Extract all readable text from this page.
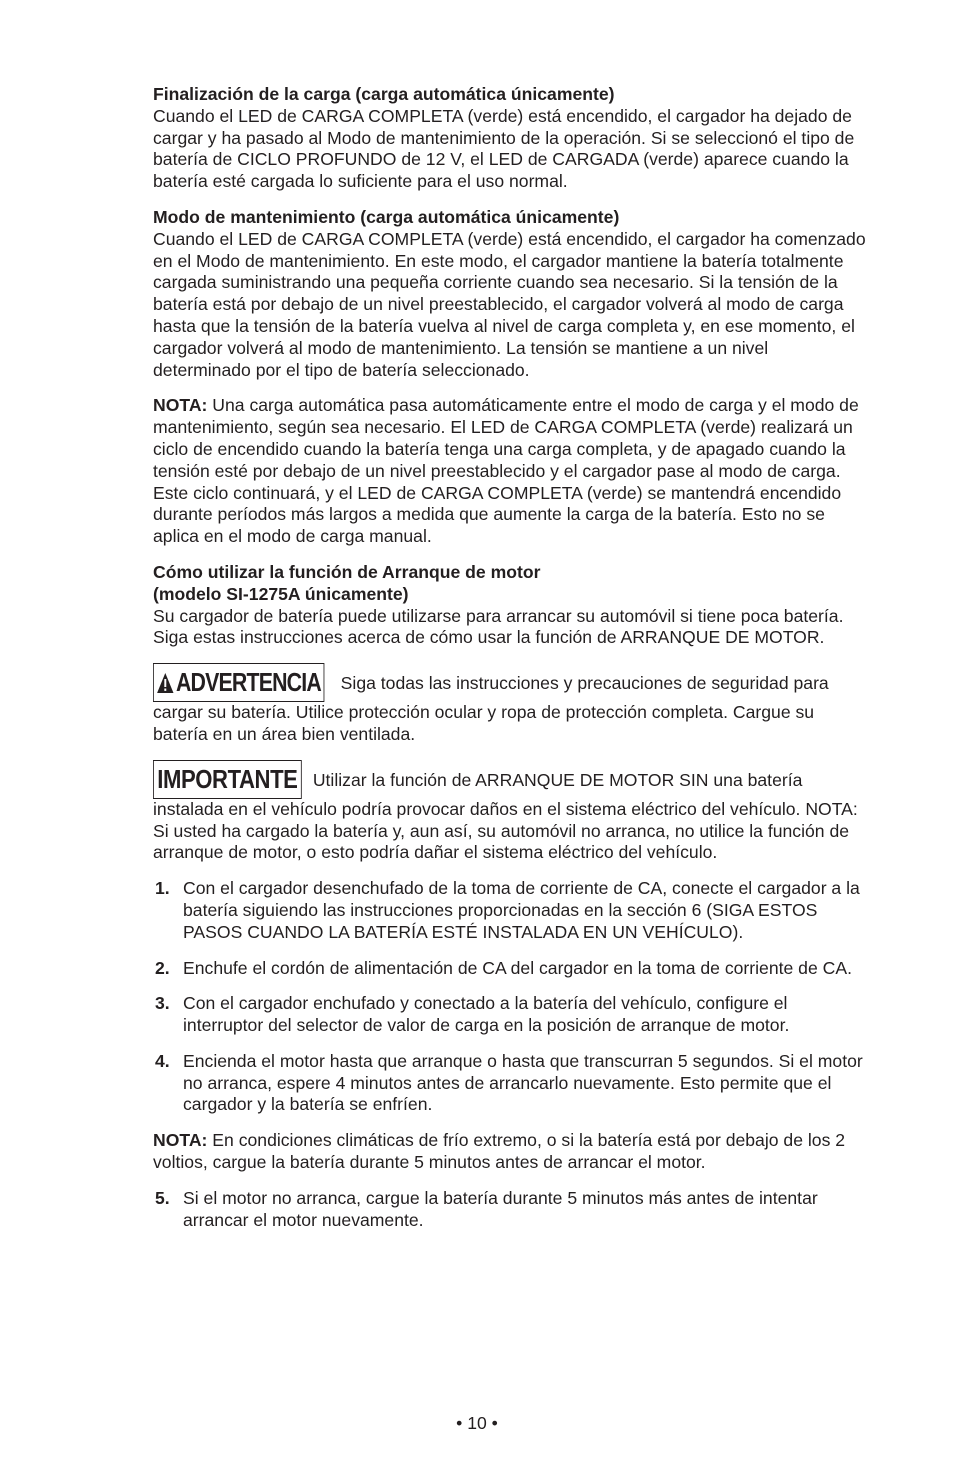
Finalización de la carga (carga automática únicamente)

Cuando el LED de CARGA COMPLETA (verde) está encendido, el cargador ha dejado de cargar y ha pasado al Modo de mantenimiento de la operación. Si se seleccionó el tipo de batería de CICLO PROFUNDO de 12 V, el LED de CARGADA (verde) aparece cuando la batería esté cargada lo suficiente para el uso normal.

Modo de mantenimiento (carga automática únicamente)

Cuando el LED de CARGA COMPLETA (verde) está encendido, el cargador ha comenzado en el Modo de mantenimiento. En este modo, el cargador mantiene la batería totalmente cargada suministrando una pequeña corriente cuando sea necesario. Si la tensión de la batería está por debajo de un nivel preestablecido, el cargador volverá al modo de carga hasta que la tensión de la batería vuelva al nivel de carga completa y, en ese momento, el cargador volverá al modo de mantenimiento. La tensión se mantiene a un nivel determinado por el tipo de batería seleccionado.

NOTA: Una carga automática pasa automáticamente entre el modo de carga y el modo de mantenimiento, según sea necesario. El LED de CARGA COMPLETA (verde) realizará un ciclo de encendido cuando la batería tenga una carga completa, y de apagado cuando la tensión esté por debajo de un nivel preestablecido y el cargador pase al modo de carga. Este ciclo continuará, y el LED de CARGA COMPLETA (verde) se mantendrá encendido durante períodos más largos a medida que aumente la carga de la batería. Esto no se aplica en el modo de carga manual.

Cómo utilizar la función de Arranque de motor
(modelo SI-1275A únicamente)

Su cargador de batería puede utilizarse para arrancar su automóvil si tiene poca batería. Siga estas instrucciones acerca de cómo usar la función de ARRANQUE DE MOTOR.

ADVERTENCIA Siga todas las instrucciones y precauciones de seguridad para cargar su batería. Utilice protección ocular y ropa de protección completa. Cargue su batería en un área bien ventilada.

IMPORTANTE Utilizar la función de ARRANQUE DE MOTOR SIN una batería instalada en el vehículo podría provocar daños en el sistema eléctrico del vehículo. NOTA: Si usted ha cargado la batería y, aun así, su automóvil no arranca, no utilice la función de arranque de motor, o esto podría dañar el sistema eléctrico del vehículo.

1. Con el cargador desenchufado de la toma de corriente de CA, conecte el cargador a la batería siguiendo las instrucciones proporcionadas en la sección 6 (SIGA ESTOS PASOS CUANDO LA BATERÍA ESTÉ INSTALADA EN UN VEHÍCULO).
2. Enchufe el cordón de alimentación de CA del cargador en la toma de corriente de CA.
3. Con el cargador enchufado y conectado a la batería del vehículo, configure el interruptor del selector de valor de carga en la posición de arranque de motor.
4. Encienda el motor hasta que arranque o hasta que transcurran 5 segundos. Si el motor no arranca, espere 4 minutos antes de arrancarlo nuevamente. Esto permite que el cargador y la batería se enfríen.

NOTA: En condiciones climáticas de frío extremo, o si la batería está por debajo de los 2 voltios, cargue la batería durante 5 minutos antes de arrancar el motor.

5. Si el motor no arranca, cargue la batería durante 5 minutos más antes de intentar arrancar el motor nuevamente.
• 10 •
